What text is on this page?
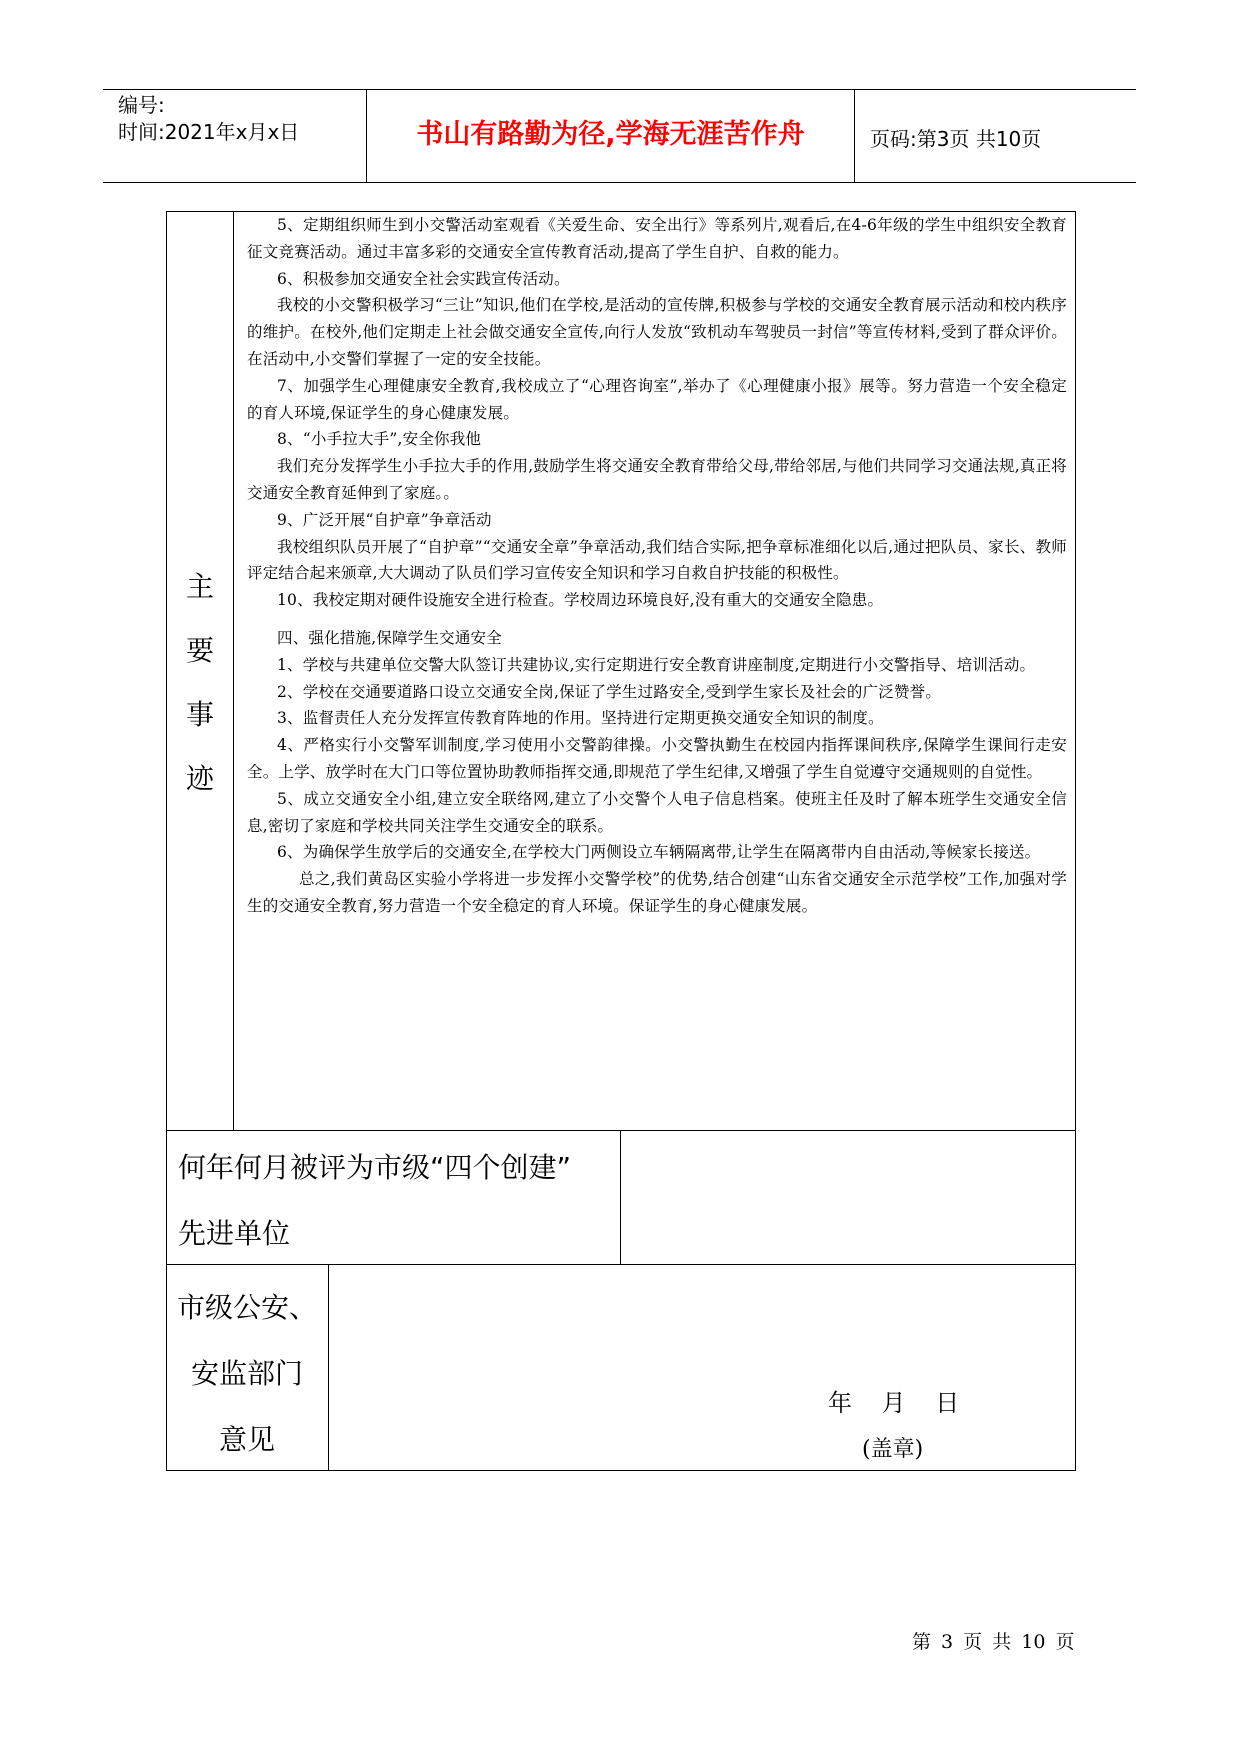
编号:
时间:2021年x月x日	书山有路勤为径,学海无涯苦作舟	页码:第3页 共10页
主
要
事
迹

5、定期组织师生到小交警活动室观看《关爱生命、安全出行》等系列片,观看后,在4-6年级的学生中组织安全教育征文竞赛活动。通过丰富多彩的交通安全宣传教育活动,提高了学生自护、自救的能力。

6、积极参加交通安全社会实践宣传活动。

我校的小交警积极学习“三让”知识,他们在学校,是活动的宣传牌,积极参与学校的交通安全教育展示活动和校内秩序的维护。在校外,他们定期走上社会做交通安全宣传,向行人发放“致机动车驾驶员一封信”等宣传材料,受到了群众评价。在活动中,小交警们掌握了一定的安全技能。

7、加强学生心理健康安全教育,我校成立了“心理咨询室”,举办了《心理健康小报》展等。努力营造一个安全稳定的育人环境,保证学生的身心健康发展。

8、“小手拉大手”,安全你我他

我们充分发挥学生小手拉大手的作用,鼓励学生将交通安全教育带给父母,带给邻居,与他们共同学习交通法规,真正将交通安全教育延伸到了家庭。。

9、广泛开展“自护章”争章活动

我校组织队员开展了“自护章”“交通安全章”争章活动,我们结合实际,把争章标准细化以后,通过把队员、家长、教师评定结合起来颁章,大大调动了队员们学习宣传安全知识和学习自救自护技能的积极性。

10、我校定期对硬件设施安全进行检查。学校周边环境良好,没有重大的交通安全隐患。

四、强化措施,保障学生交通安全

1、学校与共建单位交警大队签订共建协议,实行定期进行安全教育讲座制度,定期进行小交警指导、培训活动。

2、学校在交通要道路口设立交通安全岗,保证了学生过路安全,受到学生家长及社会的广泛赞誉。

3、监督责任人充分发挥宣传教育阵地的作用。坚持进行定期更换交通安全知识的制度。

4、严格实行小交警军训制度,学习使用小交警韵律操。小交警执勤生在校园内指挥课间秩序,保障学生课间行走安全。上学、放学时在大门口等位置协助教师指挥交通,即规范了学生纪律,又增强了学生自觉遵守交通规则的自觉性。

5、成立交通安全小组,建立安全联络网,建立了小交警个人电子信息档案。使班主任及时了解本班学生交通安全信息,密切了家庭和学校共同关注学生交通安全的联系。

6、为确保学生放学后的交通安全,在学校大门两侧设立车辆隔离带,让学生在隔离带内自由活动,等候家长接送。

总之,我们黄岛区实验小学将进一步发挥小交警学校”的优势,结合创建“山东省交通安全示范学校”工作,加强对学生的交通安全教育,努力营造一个安全稳定的育人环境。保证学生的身心健康发展。

何年何月被评为市级“四个创建”
先进单位
市级公安、
安监部门
意见
年 月 日
(盖章)
第 3 页 共 10 页
